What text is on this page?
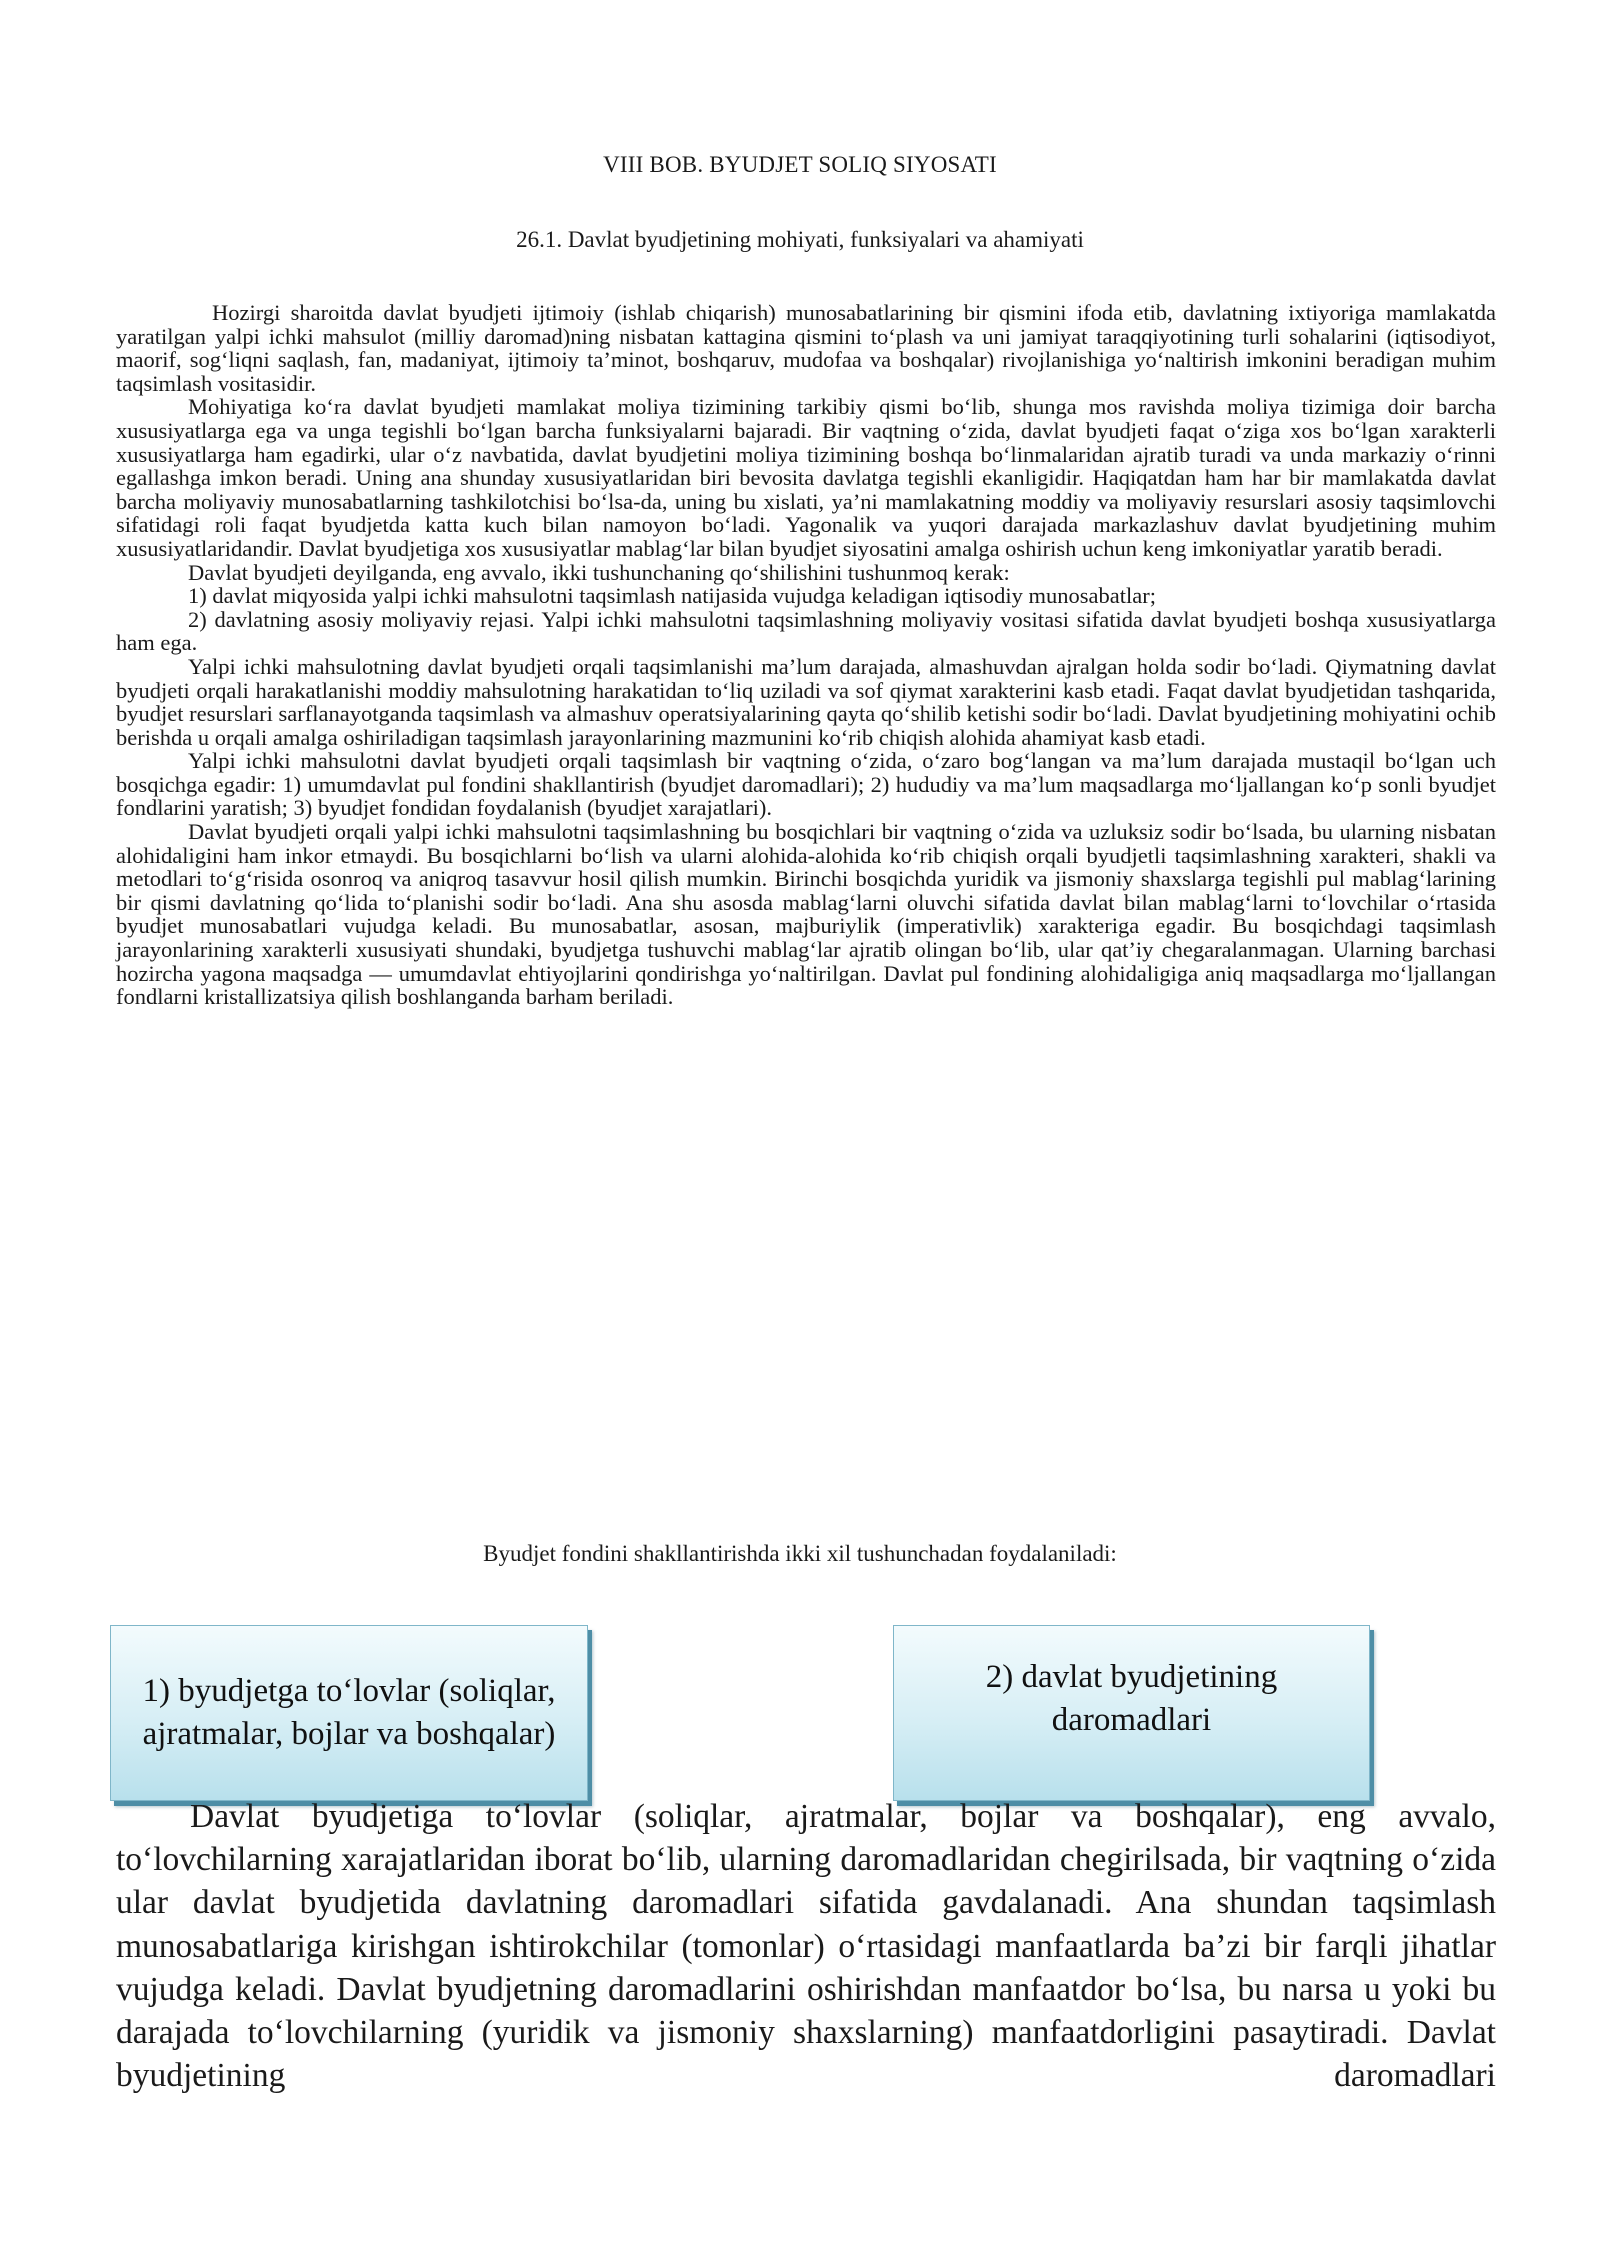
VIII BOB. BYUDJET SOLIQ SIYOSATI
26.1. Davlat byudjetining mohiyati, funksiyalari va ahamiyati

Hozirgi sharoitda davlat byudjeti ijtimoiy (ishlab chiqarish) munosabatlarining bir qismini ifoda etib, davlatning ixtiyoriga mamlakatda yaratilgan yalpi ichki mahsulot (milliy daromad)ning nisbatan kattagina qismini to‘plash va uni jamiyat taraqqiyotining turli sohalarini (iqtisodiyot, maorif, sog‘liqni saqlash, fan, madaniyat, ijtimoiy ta’minot, boshqaruv, mudofaa va boshqalar) rivojlanishiga yo‘naltirish imkonini beradigan muhim taqsimlash vositasidir.

Mohiyatiga ko‘ra davlat byudjeti mamlakat moliya tizimining tarkibiy qismi bo‘lib, shunga mos ravishda moliya tizimiga doir barcha xususiyatlarga ega va unga tegishli bo‘lgan barcha funksiyalarni bajaradi. Bir vaqtning o‘zida, davlat byudjeti faqat o‘ziga xos bo‘lgan xarakterli xususiyatlarga ham egadirki, ular o‘z navbatida, davlat byudjetini moliya tizimining boshqa bo‘linmalaridan ajratib turadi va unda markaziy o‘rinni egallashga imkon beradi. Uning ana shunday xususiyatlaridan biri bevosita davlatga tegishli ekanligidir. Haqiqatdan ham har bir mamlakatda davlat barcha moliyaviy munosabatlarning tashkilotchisi bo‘lsa-da, uning bu xislati, ya’ni mamlakatning moddiy va moliyaviy resurslari asosiy taqsimlovchi sifatidagi roli faqat byudjetda katta kuch bilan namoyon bo‘ladi. Yagonalik va yuqori darajada markazlashuv davlat byudjetining muhim xususiyatlaridandir. Davlat byudjetiga xos xususiyatlar mablag‘lar bilan byudjet siyosatini amalga oshirish uchun keng imkoniyatlar yaratib beradi.

Davlat byudjeti deyilganda, eng avvalo, ikki tushunchaning qo‘shilishini tushunmoq kerak:

1) davlat miqyosida yalpi ichki mahsulotni taqsimlash natijasida vujudga keladigan iqtisodiy munosabatlar;

2) davlatning asosiy moliyaviy rejasi. Yalpi ichki mahsulotni taqsimlashning moliyaviy vositasi sifatida davlat byudjeti boshqa xususiyatlarga ham ega.

Yalpi ichki mahsulotning davlat byudjeti orqali taqsimlanishi ma’lum darajada, almashuvdan ajralgan holda sodir bo‘ladi. Qiymatning davlat byudjeti orqali harakatlanishi moddiy mahsulotning harakatidan to‘liq uziladi va sof qiymat xarakterini kasb etadi. Faqat davlat byudjetidan tashqarida, byudjet resurslari sarflanayotganda taqsimlash va almashuv operatsiyalarining qayta qo‘shilib ketishi sodir bo‘ladi. Davlat byudjetining mohiyatini ochib berishda u orqali amalga oshiriladigan taqsimlash jarayonlarining mazmunini ko‘rib chiqish alohida ahamiyat kasb etadi.

Yalpi ichki mahsulotni davlat byudjeti orqali taqsimlash bir vaqtning o‘zida, o‘zaro bog‘langan va ma’lum darajada mustaqil bo‘lgan uch bosqichga egadir: 1) umumdavlat pul fondini shakllantirish (byudjet daromadlari); 2) hududiy va ma’lum maqsadlarga mo‘ljallangan ko‘p sonli byudjet fondlarini yaratish; 3) byudjet fondidan foydalanish (byudjet xarajatlari).

Davlat byudjeti orqali yalpi ichki mahsulotni taqsimlashning bu bosqichlari bir vaqtning o‘zida va uzluksiz sodir bo‘lsada, bu ularning nisbatan alohidaligini ham inkor etmaydi. Bu bosqichlarni bo‘lish va ularni alohida-alohida ko‘rib chiqish orqali byudjetli taqsimlashning xarakteri, shakli va metodlari to‘g‘risida osonroq va aniqroq tasavvur hosil qilish mumkin. Birinchi bosqichda yuridik va jismoniy shaxslarga tegishli pul mablag‘larining bir qismi davlatning qo‘lida to‘planishi sodir bo‘ladi. Ana shu asosda mablag‘larni oluvchi sifatida davlat bilan mablag‘larni to‘lovchilar o‘rtasida byudjet munosabatlari vujudga keladi. Bu munosabatlar, asosan, majburiylik (imperativlik) xarakteriga egadir. Bu bosqichdagi taqsimlash jarayonlarining xarakterli xususiyati shundaki, byudjetga tushuvchi mablag‘lar ajratib olingan bo‘lib, ular qat’iy chegaralanmagan. Ularning barchasi hozircha yagona maqsadga — umumdavlat ehtiyojlarini qondirishga yo‘naltirilgan. Davlat pul fondining alohidaligiga aniq maqsadlarga mo‘ljallangan fondlarni kristallizatsiya qilish boshlanganda barham beriladi.

Byudjet fondini shakllantirishda ikki xil tushunchadan foydalaniladi:
1) byudjetga to‘lovlar (soliqlar, ajratmalar, bojlar va boshqalar)
2) davlat byudjetining daromadlari

Davlat byudjetiga to‘lovlar (soliqlar, ajratmalar, bojlar va boshqalar), eng avvalo, to‘lovchilarning xarajatlaridan iborat bo‘lib, ularning daromadlaridan chegirilsada, bir vaqtning o‘zida ular davlat byudjetida davlatning daromadlari sifatida gavdalanadi. Ana shundan taqsimlash munosabatlariga kirishgan ishtirokchilar (tomonlar) o‘rtasidagi manfaatlarda ba’zi bir farqli jihatlar vujudga keladi. Davlat byudjetning daromadlarini oshirishdan manfaatdor bo‘lsa, bu narsa u yoki bu darajada to‘lovchilarning (yuridik va jismoniy shaxslarning) manfaatdorligini pasaytiradi. Davlat byudjetining daromadlari
